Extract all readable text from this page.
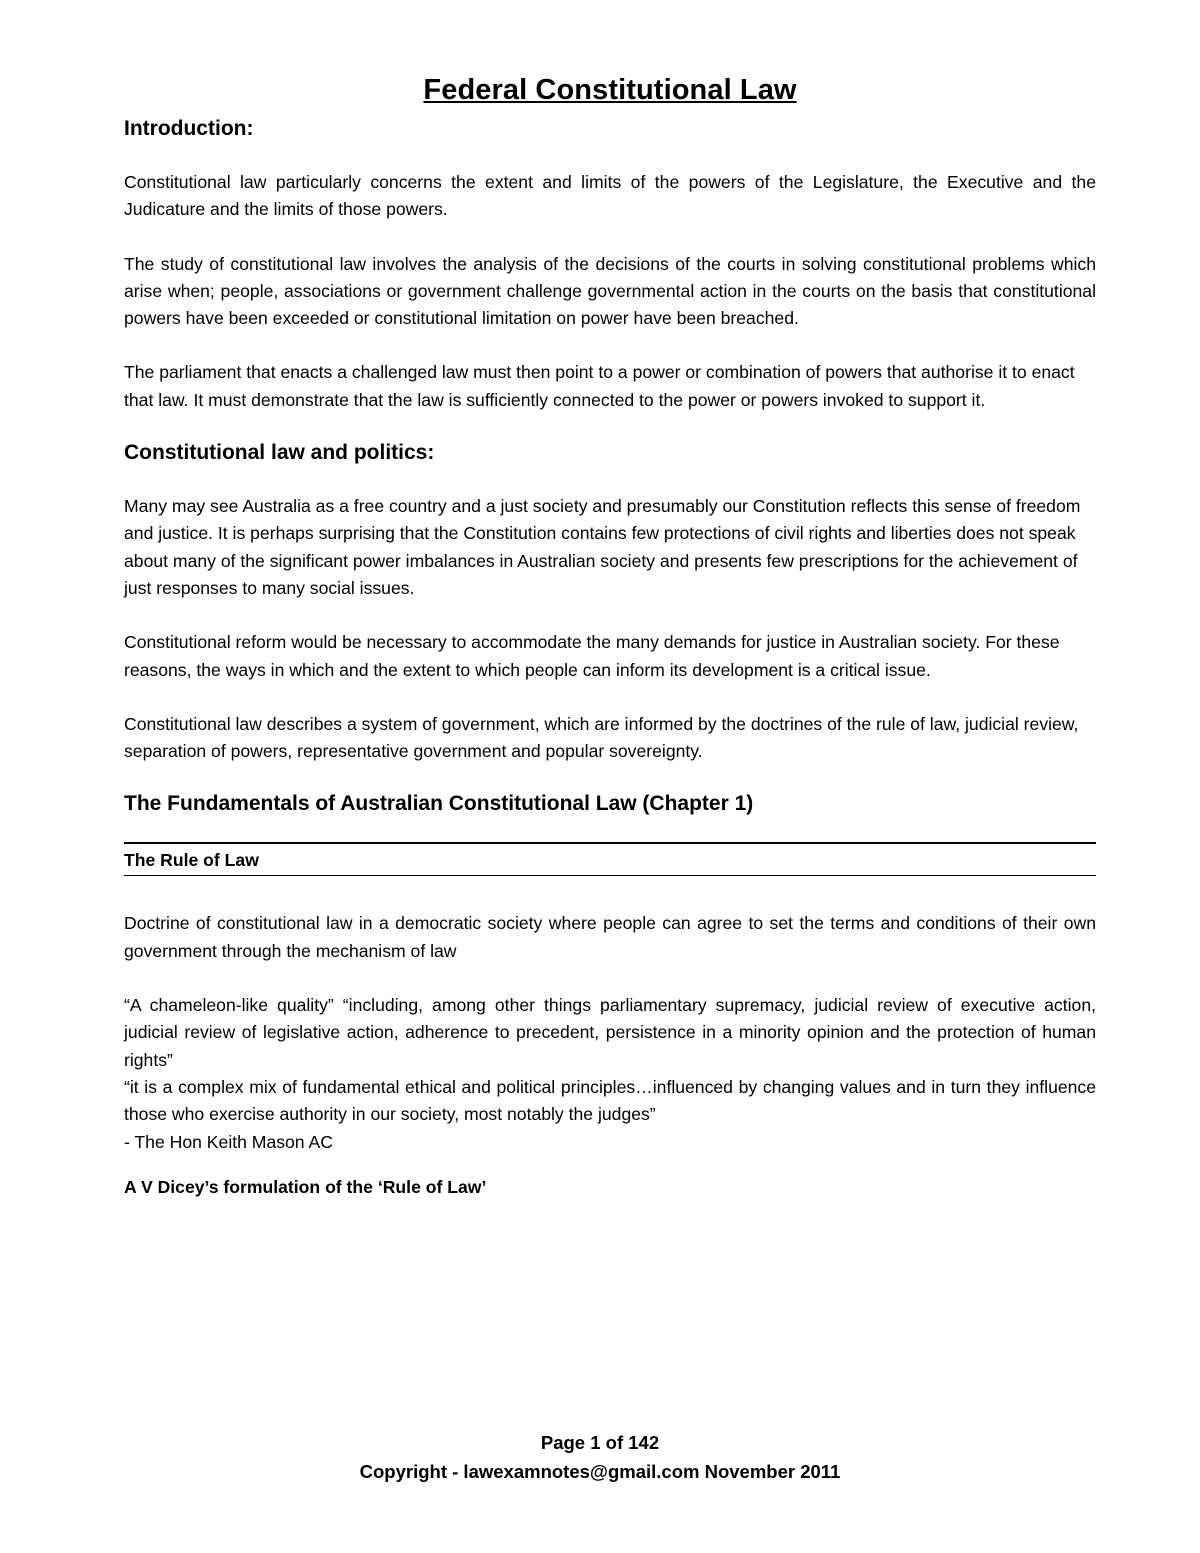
Federal Constitutional Law
Introduction:

Constitutional law particularly concerns the extent and limits of the powers of the Legislature, the Executive and the Judicature and the limits of those powers.

The study of constitutional law involves the analysis of the decisions of the courts in solving constitutional problems which arise when; people, associations or government challenge governmental action in the courts on the basis that constitutional powers have been exceeded or constitutional limitation on power have been breached.

The parliament that enacts a challenged law must then point to a power or combination of powers that authorise it to enact that law. It must demonstrate that the law is sufficiently connected to the power or powers invoked to support it.

Constitutional law and politics:

Many may see Australia as a free country and a just society and presumably our Constitution reflects this sense of freedom and justice. It is perhaps surprising that the Constitution contains few protections of civil rights and liberties does not speak about many of the significant power imbalances in Australian society and presents few prescriptions for the achievement of just responses to many social issues.

Constitutional reform would be necessary to accommodate the many demands for justice in Australian society. For these reasons, the ways in which and the extent to which people can inform its development is a critical issue.

Constitutional law describes a system of government, which are informed by the doctrines of the rule of law, judicial review, separation of powers, representative government and popular sovereignty.

The Fundamentals of Australian Constitutional Law (Chapter 1)
The Rule of Law

Doctrine of constitutional law in a democratic society where people can agree to set the terms and conditions of their own government through the mechanism of law

“A chameleon-like quality” “including, among other things parliamentary supremacy, judicial review of executive action, judicial review of legislative action, adherence to precedent, persistence in a minority opinion and the protection of human rights”

“it is a complex mix of fundamental ethical and political principles…influenced by changing values and in turn they influence those who exercise authority in our society, most notably the judges”

- The Hon Keith Mason AC

A V Dicey’s formulation of the ‘Rule of Law’
Page 1 of 142
Copyright - lawexamnotes@gmail.com November 2011
